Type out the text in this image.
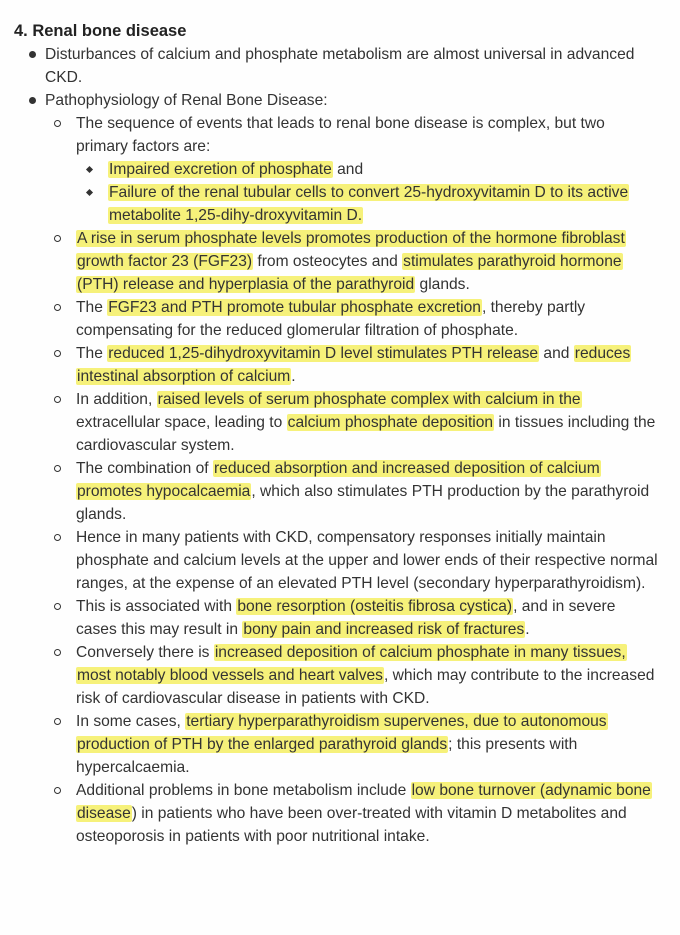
4. Renal bone disease
Disturbances of calcium and phosphate metabolism are almost universal in advanced CKD.
Pathophysiology of Renal Bone Disease:
The sequence of events that leads to renal bone disease is complex, but two primary factors are:
Impaired excretion of phosphate and
Failure of the renal tubular cells to convert 25-hydroxyvitamin D to its active metabolite 1,25-dihy-droxyvitamin D.
A rise in serum phosphate levels promotes production of the hormone fibroblast growth factor 23 (FGF23) from osteocytes and stimulates parathyroid hormone (PTH) release and hyperplasia of the parathyroid glands.
The FGF23 and PTH promote tubular phosphate excretion, thereby partly compensating for the reduced glomerular filtration of phosphate.
The reduced 1,25-dihydroxyvitamin D level stimulates PTH release and reduces intestinal absorption of calcium.
In addition, raised levels of serum phosphate complex with calcium in the extracellular space, leading to calcium phosphate deposition in tissues including the cardiovascular system.
The combination of reduced absorption and increased deposition of calcium promotes hypocalcaemia, which also stimulates PTH production by the parathyroid glands.
Hence in many patients with CKD, compensatory responses initially maintain phosphate and calcium levels at the upper and lower ends of their respective normal ranges, at the expense of an elevated PTH level (secondary hyperparathyroidism).
This is associated with bone resorption (osteitis fibrosa cystica), and in severe cases this may result in bony pain and increased risk of fractures.
Conversely there is increased deposition of calcium phosphate in many tissues, most notably blood vessels and heart valves, which may contribute to the increased risk of cardiovascular disease in patients with CKD.
In some cases, tertiary hyperparathyroidism supervenes, due to autonomous production of PTH by the enlarged parathyroid glands; this presents with hypercalcaemia.
Additional problems in bone metabolism include low bone turnover (adynamic bone disease) in patients who have been over-treated with vitamin D metabolites and osteoporosis in patients with poor nutritional intake.
